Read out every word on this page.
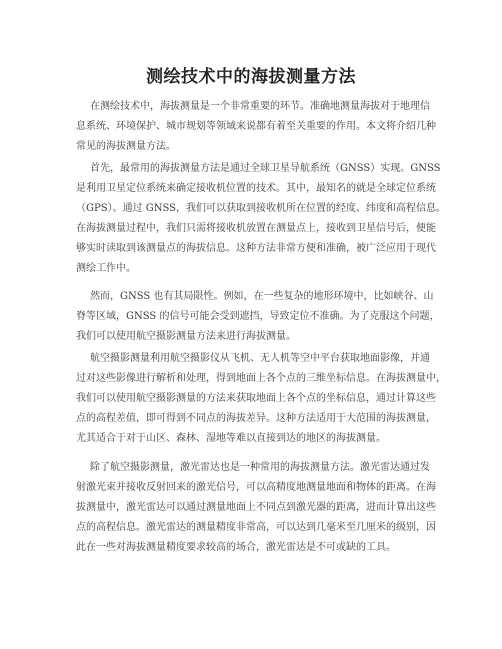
测绘技术中的海拔测量方法
在测绘技术中，海拔测量是一个非常重要的环节。准确地测量海拔对于地理信
息系统、环境保护、城市规划等领域来说都有着至关重要的作用。本文将介绍几种
常见的海拔测量方法。
首先，最常用的海拔测量方法是通过全球卫星导航系统（GNSS）实现。GNSS
是利用卫星定位系统来确定接收机位置的技术。其中，最知名的就是全球定位系统
（GPS）。通过 GNSS，我们可以获取到接收机所在位置的经度、纬度和高程信息。
在海拔测量过程中，我们只需将接收机放置在测量点上，接收到卫星信号后，便能
够实时读取到该测量点的海拔信息。这种方法非常方便和准确，被广泛应用于现代
测绘工作中。
然而，GNSS 也有其局限性。例如，在一些复杂的地形环境中，比如峡谷、山
脊等区域，GNSS 的信号可能会受到遮挡，导致定位不准确。为了克服这个问题，
我们可以使用航空摄影测量方法来进行海拔测量。
航空摄影测量利用航空摄影仪从飞机、无人机等空中平台获取地面影像，并通
过对这些影像进行解析和处理，得到地面上各个点的三维坐标信息。在海拔测量中，
我们可以使用航空摄影测量的方法来获取地面上各个点的坐标信息，通过计算这些
点的高程差值，即可得到不同点的海拔差异。这种方法适用于大范围的海拔测量，
尤其适合于对于山区、森林、湿地等难以直接到达的地区的海拔测量。
除了航空摄影测量，激光雷达也是一种常用的海拔测量方法。激光雷达通过发
射激光束并接收反射回来的激光信号，可以高精度地测量地面和物体的距离。在海
拔测量中，激光雷达可以通过测量地面上不同点到激光器的距离，进而计算出这些
点的高程信息。激光雷达的测量精度非常高，可以达到几毫米至几厘米的级别，因
此在一些对海拔测量精度要求较高的场合，激光雷达是不可或缺的工具。
